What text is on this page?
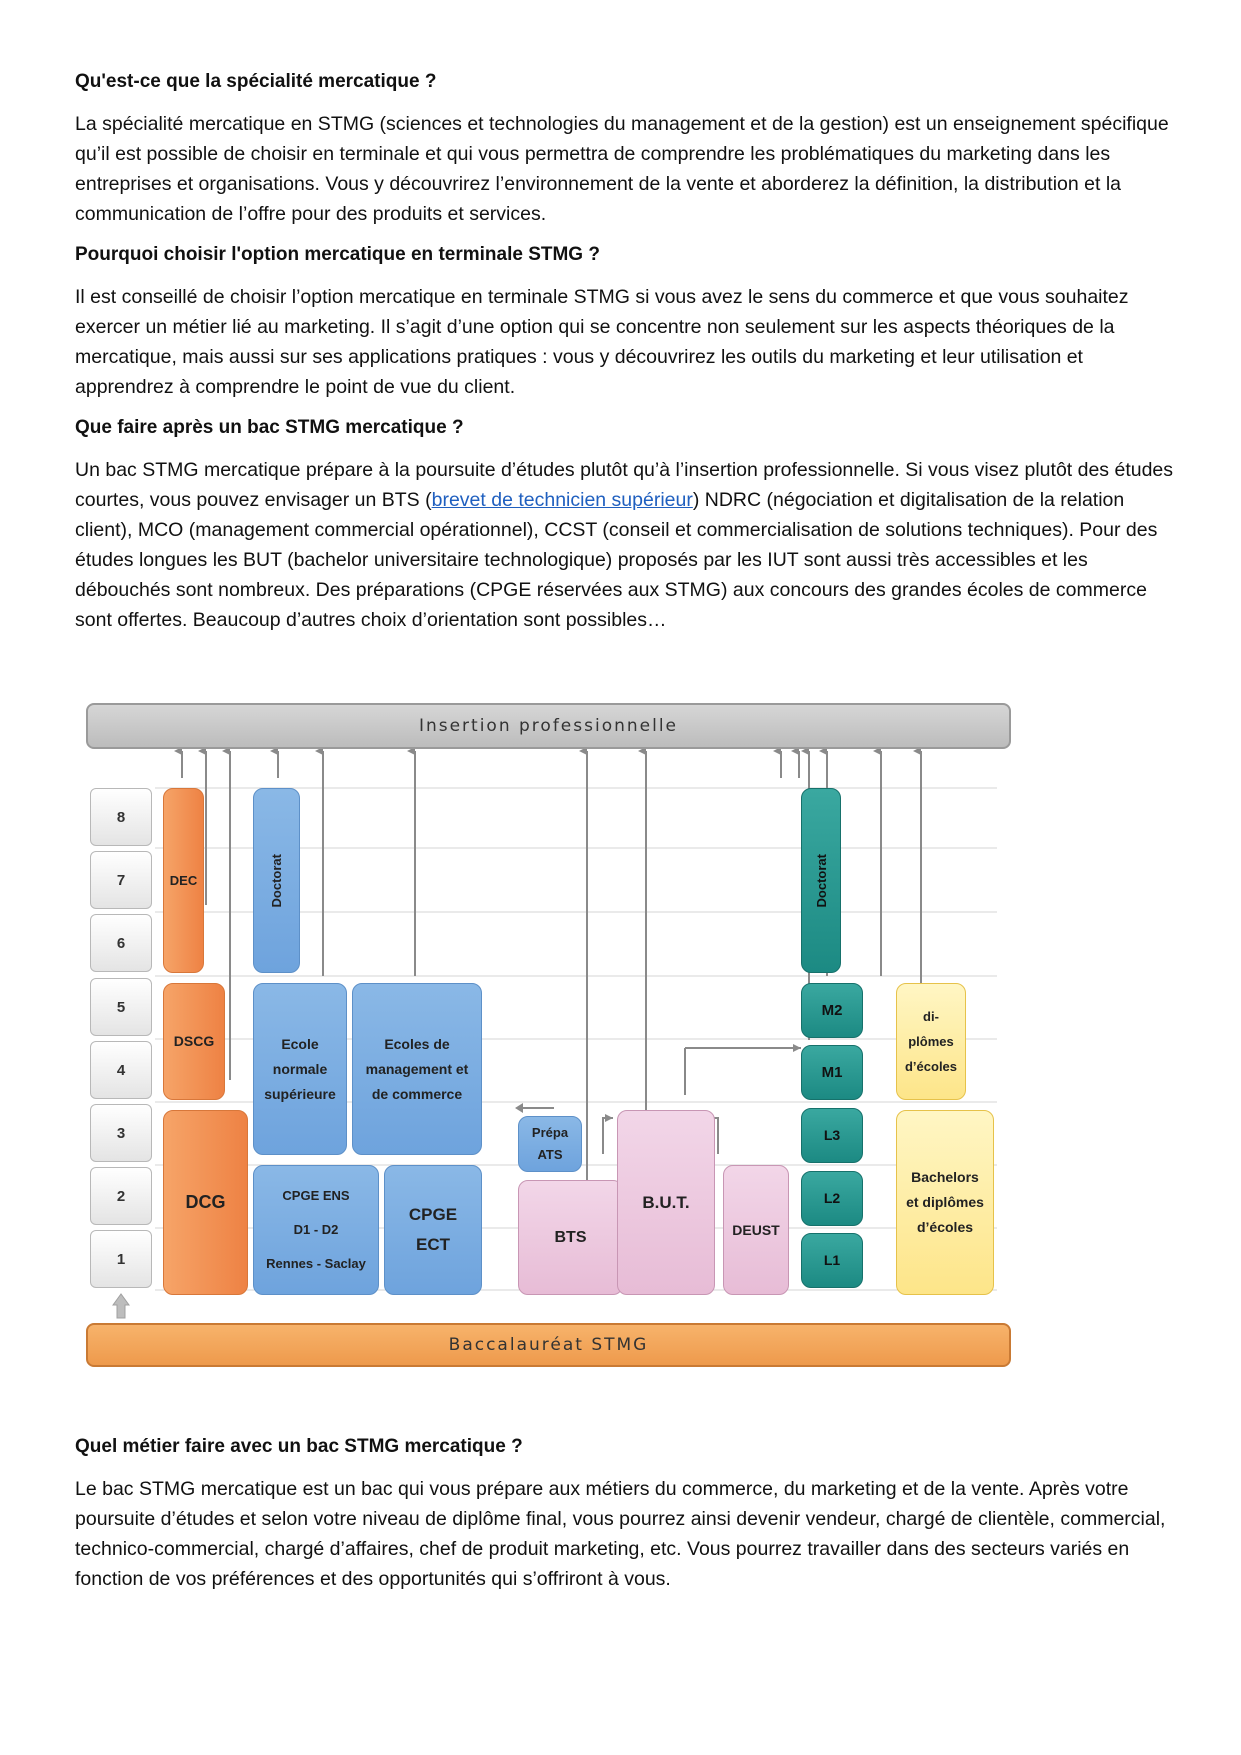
Qu'est-ce que la spécialité mercatique ?

La spécialité mercatique en STMG (sciences et technologies du management et de la gestion) est un enseignement spécifique qu’il est possible de choisir en terminale et qui vous permettra de comprendre les problématiques du marketing dans les entreprises et organisations. Vous y découvrirez l’environnement de la vente et aborderez la définition, la distribution et la communication de l’offre pour des produits et services.

Pourquoi choisir l'option mercatique en terminale STMG ?

Il est conseillé de choisir l’option mercatique en terminale STMG si vous avez le sens du commerce et que vous souhaitez exercer un métier lié au marketing. Il s’agit d’une option qui se concentre non seulement sur les aspects théoriques de la mercatique, mais aussi sur ses applications pratiques : vous y découvrirez les outils du marketing et leur utilisation et apprendrez à comprendre le point de vue du client.

Que faire après un bac STMG mercatique ?

Un bac STMG mercatique prépare à la poursuite d’études plutôt qu’à l’insertion professionnelle. Si vous visez plutôt des études courtes, vous pouvez envisager un BTS (brevet de technicien supérieur) NDRC (négociation et digitalisation de la relation client), MCO (management commercial opérationnel), CCST (conseil et commercialisation de solutions techniques). Pour des études longues les BUT (bachelor universitaire technologique) proposés par les IUT sont aussi très accessibles et les débouchés sont nombreux. Des préparations (CPGE réservées aux STMG) aux concours des grandes écoles de commerce sont offertes. Beaucoup d’autres choix d’orientation sont possibles…

Insertion professionnelle
8
7
6
5
4
3
2
1
DEC
DSCG
DCG
Doctorat
Ecole normale supérieure
Ecoles de management et de commerce
CPGE ENS
D1 - D2
Rennes - Saclay
CPGE ECT
Prépa ATS
BTS
B.U.T.
DEUST
Doctorat
M2
M1
L3
L2
L1
di-plômes d’écoles
Bachelors et diplômes d’écoles
Baccalauréat STMG
Quel métier faire avec un bac STMG mercatique ?

Le bac STMG mercatique est un bac qui vous prépare aux métiers du commerce, du marketing et de la vente. Après votre poursuite d’études et selon votre niveau de diplôme final, vous pourrez ainsi devenir vendeur, chargé de clientèle, commercial, technico-commercial, chargé d’affaires, chef de produit marketing, etc. Vous pourrez travailler dans des secteurs variés en fonction de vos préférences et des opportunités qui s’offriront à vous.
